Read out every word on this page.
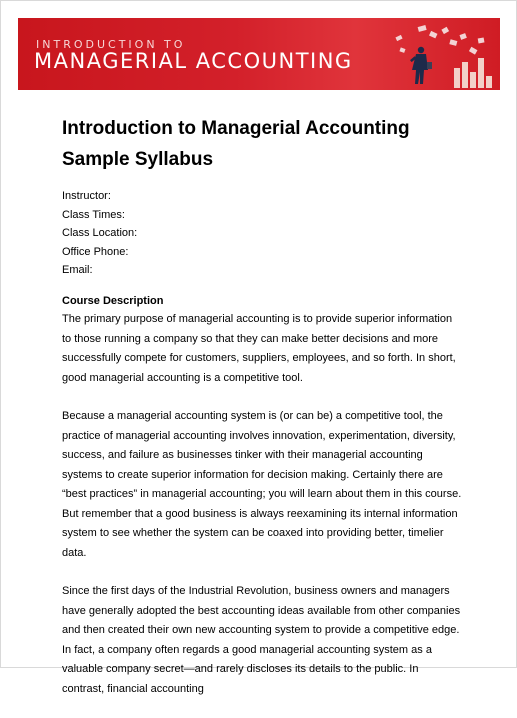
INTRODUCTION TO
MANAGERIAL ACCOUNTING
Introduction to Managerial Accounting
Sample Syllabus
Instructor:
Class Times:
Class Location:
Office Phone:
Email:
Course Description

The primary purpose of managerial accounting is to provide superior information to those running a company so that they can make better decisions and more successfully compete for customers, suppliers, employees, and so forth. In short, good managerial accounting is a competitive tool.

Because a managerial accounting system is (or can be) a competitive tool, the practice of managerial accounting involves innovation, experimentation, diversity, success, and failure as businesses tinker with their managerial accounting systems to create superior information for decision making. Certainly there are “best practices” in managerial accounting; you will learn about them in this course. But remember that a good business is always reexamining its internal information system to see whether the system can be coaxed into providing better, timelier data.

Since the first days of the Industrial Revolution, business owners and managers have generally adopted the best accounting ideas available from other companies and then created their own new accounting system to provide a competitive edge. In fact, a company often regards a good managerial accounting system as a valuable company secret—and rarely discloses its details to the public. In contrast, financial accounting
